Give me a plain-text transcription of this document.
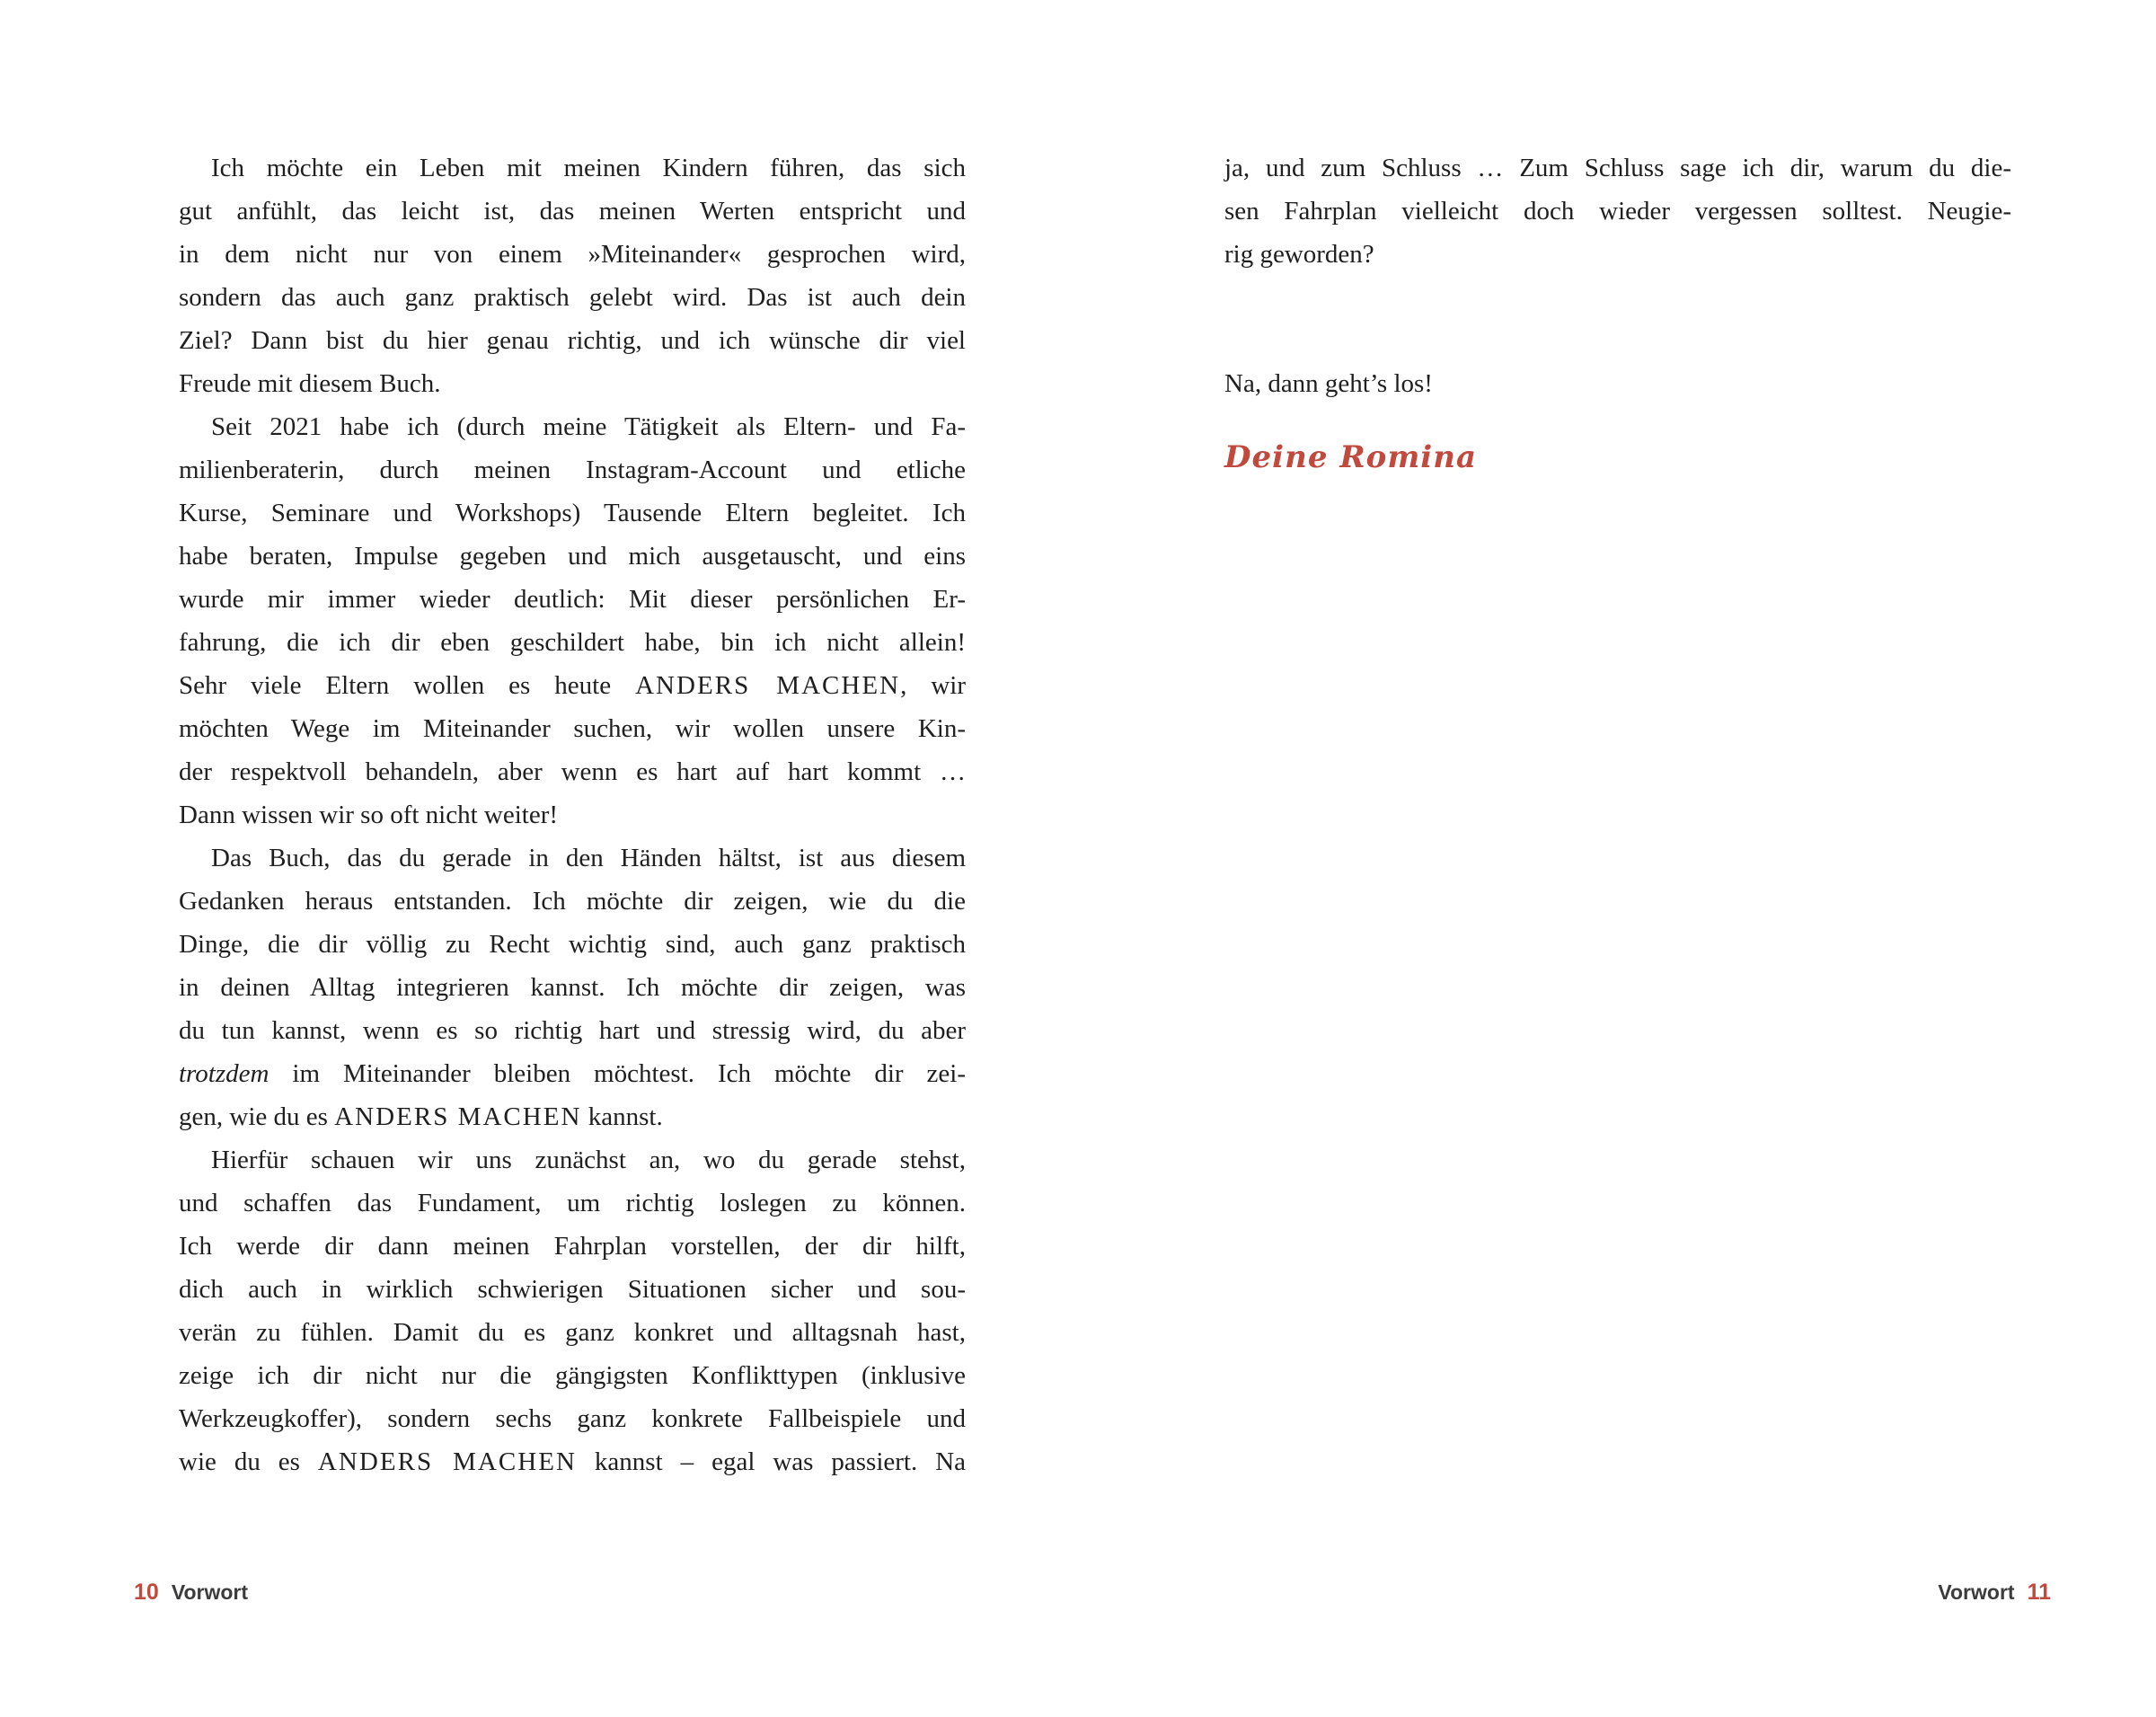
Ich möchte ein Leben mit meinen Kindern führen, das sich
gut anfühlt, das leicht ist, das meinen Werten entspricht und
in dem nicht nur von einem »Miteinander« gesprochen wird,
sondern das auch ganz praktisch gelebt wird. Das ist auch dein
Ziel? Dann bist du hier genau richtig, und ich wünsche dir viel
Freude mit diesem Buch.
Seit 2021 habe ich (durch meine Tätigkeit als Eltern- und Fa-
milienberaterin, durch meinen Instagram-Account und etliche
Kurse, Seminare und Workshops) Tausende Eltern begleitet. Ich
habe beraten, Impulse gegeben und mich ausgetauscht, und eins
wurde mir immer wieder deutlich: Mit dieser persönlichen Er-
fahrung, die ich dir eben geschildert habe, bin ich nicht allein!
Sehr viele Eltern wollen es heute ANDERS MACHEN, wir
möchten Wege im Miteinander suchen, wir wollen unsere Kin-
der respektvoll behandeln, aber wenn es hart auf hart kommt …
Dann wissen wir so oft nicht weiter!
Das Buch, das du gerade in den Händen hältst, ist aus diesem
Gedanken heraus entstanden. Ich möchte dir zeigen, wie du die
Dinge, die dir völlig zu Recht wichtig sind, auch ganz praktisch
in deinen Alltag integrieren kannst. Ich möchte dir zeigen, was
du tun kannst, wenn es so richtig hart und stressig wird, du aber
trotzdem im Miteinander bleiben möchtest. Ich möchte dir zei-
gen, wie du es ANDERS MACHEN kannst.
Hierfür schauen wir uns zunächst an, wo du gerade stehst,
und schaffen das Fundament, um richtig loslegen zu können.
Ich werde dir dann meinen Fahrplan vorstellen, der dir hilft,
dich auch in wirklich schwierigen Situationen sicher und sou-
verän zu fühlen. Damit du es ganz konkret und alltagsnah hast,
zeige ich dir nicht nur die gängigsten Konflikttypen (inklusive
Werkzeugkoffer), sondern sechs ganz konkrete Fallbeispiele und
wie du es ANDERS MACHEN kannst – egal was passiert. Na
ja, und zum Schluss … Zum Schluss sage ich dir, warum du die-
sen Fahrplan vielleicht doch wieder vergessen solltest. Neugie-
rig geworden?
Na, dann geht’s los!
Deine Romina
10 Vorwort	Vorwort 11
